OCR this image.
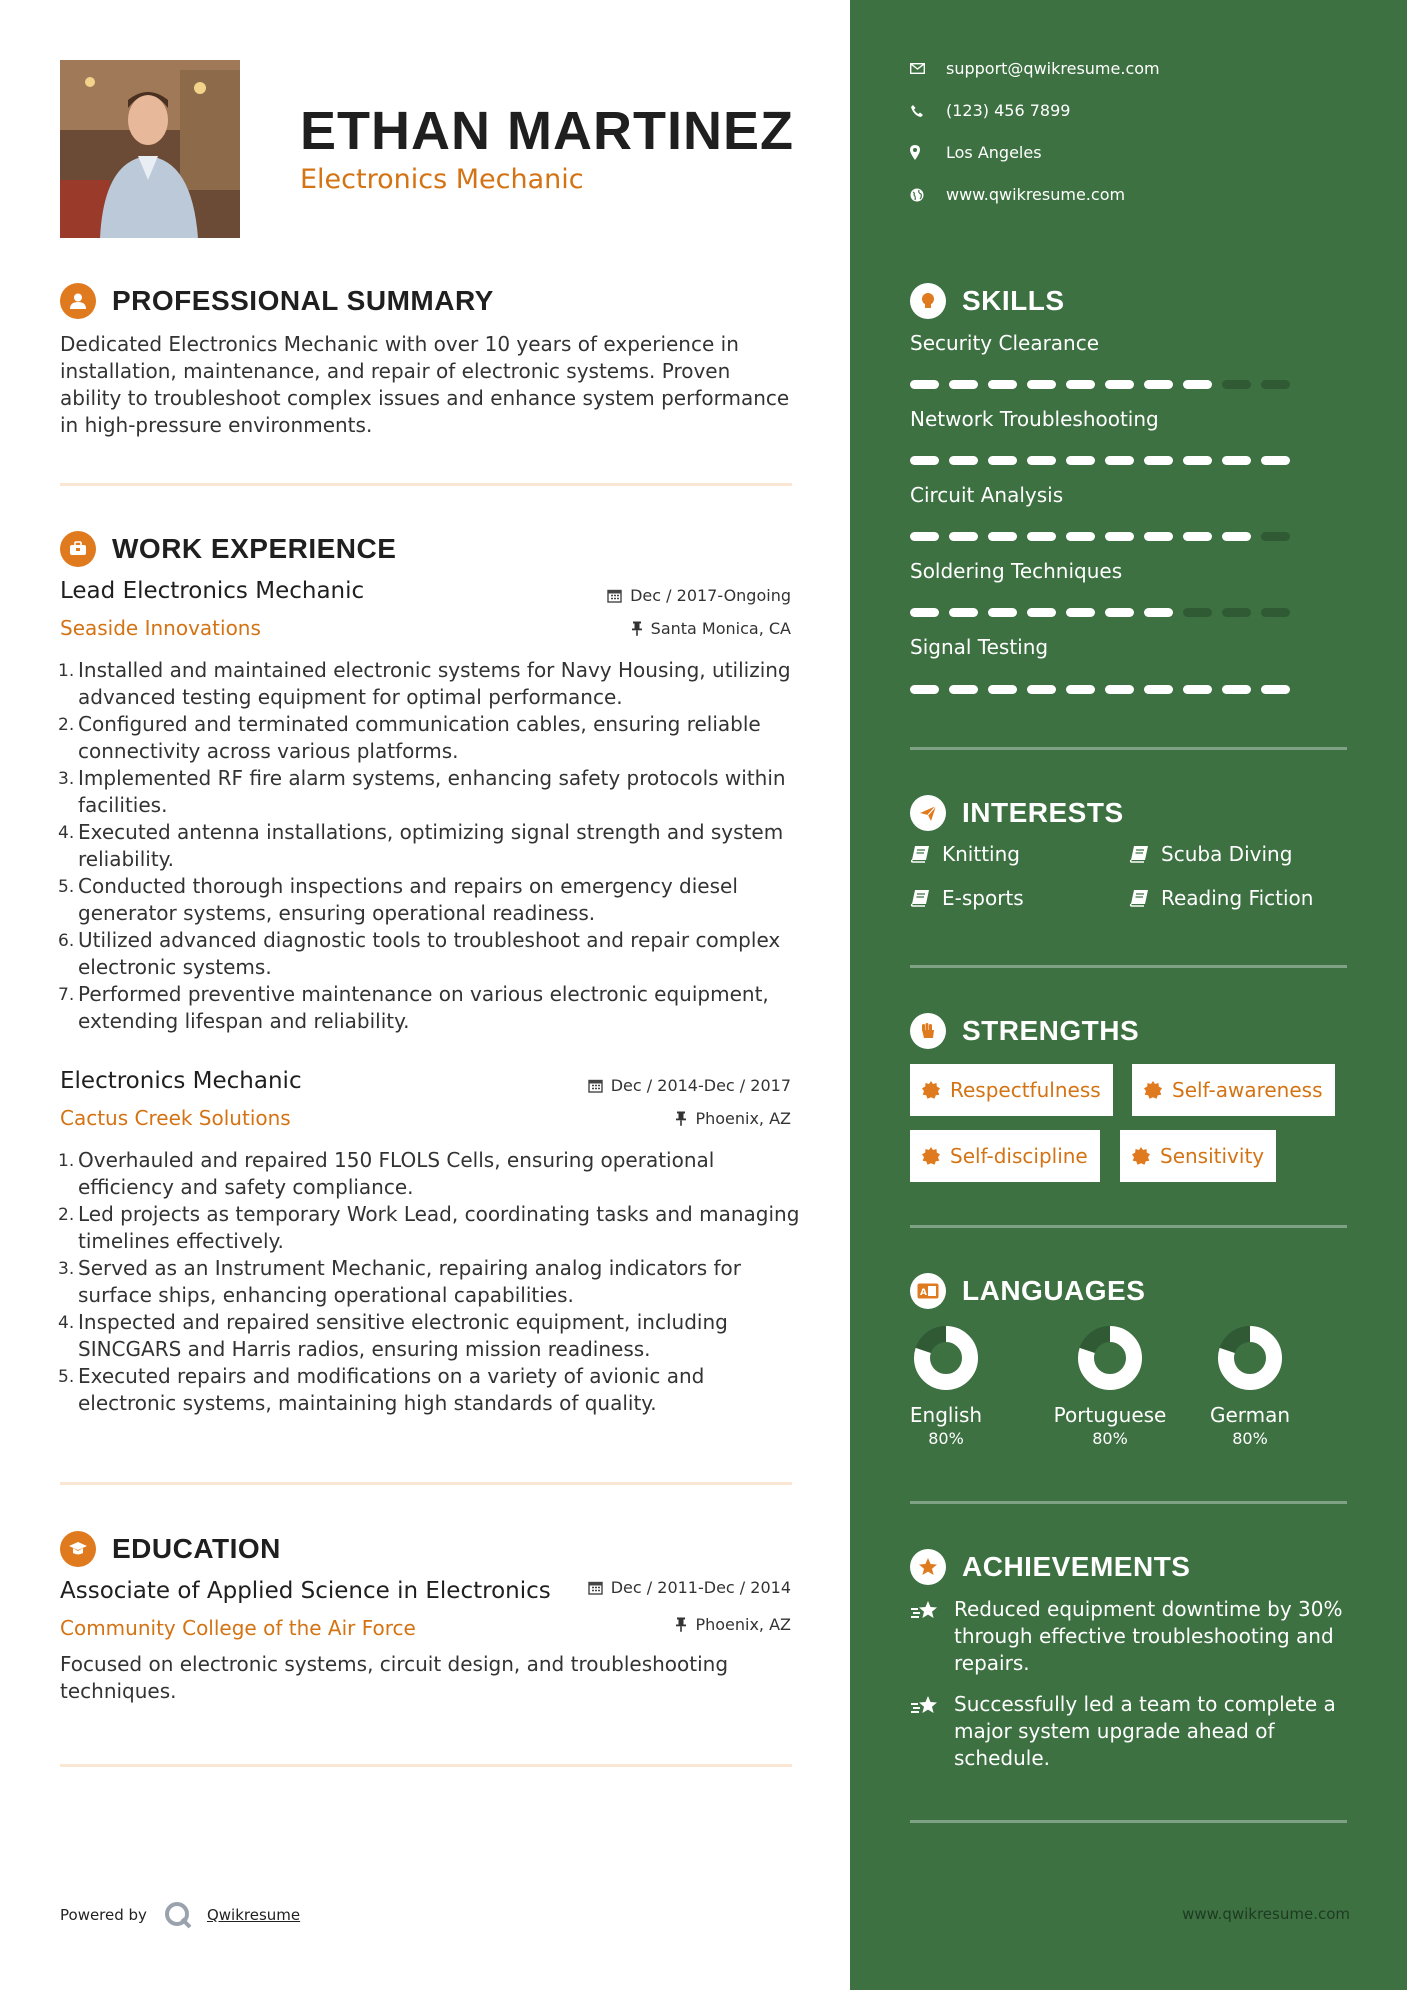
ETHAN MARTINEZ
Electronics Mechanic
PROFESSIONAL SUMMARY
Dedicated Electronics Mechanic with over 10 years of experience in installation, maintenance, and repair of electronic systems. Proven ability to troubleshoot complex issues and enhance system performance in high-pressure environments.
WORK EXPERIENCE
Lead Electronics Mechanic	Dec / 2017-Ongoing
Seaside Innovations	Santa Monica, CA
Installed and maintained electronic systems for Navy Housing, utilizing advanced testing equipment for optimal performance.
Configured and terminated communication cables, ensuring reliable connectivity across various platforms.
Implemented RF fire alarm systems, enhancing safety protocols within facilities.
Executed antenna installations, optimizing signal strength and system reliability.
Conducted thorough inspections and repairs on emergency diesel generator systems, ensuring operational readiness.
Utilized advanced diagnostic tools to troubleshoot and repair complex electronic systems.
Performed preventive maintenance on various electronic equipment, extending lifespan and reliability.
Electronics Mechanic	Dec / 2014-Dec / 2017
Cactus Creek Solutions	Phoenix, AZ
Overhauled and repaired 150 FLOLS Cells, ensuring operational efficiency and safety compliance.
Led projects as temporary Work Lead, coordinating tasks and managing timelines effectively.
Served as an Instrument Mechanic, repairing analog indicators for surface ships, enhancing operational capabilities.
Inspected and repaired sensitive electronic equipment, including SINCGARS and Harris radios, ensuring mission readiness.
Executed repairs and modifications on a variety of avionic and electronic systems, maintaining high standards of quality.
EDUCATION
Associate of Applied Science in Electronics	Dec / 2011-Dec / 2014
Community College of the Air Force	Phoenix, AZ
Focused on electronic systems, circuit design, and troubleshooting techniques.
Powered by	Qwikresume
support@qwikresume.com
(123) 456 7899
Los Angeles
www.qwikresume.com
SKILLS
Security Clearance
Network Troubleshooting
Circuit Analysis
Soldering Techniques
Signal Testing
INTERESTS
Knitting	Scuba Diving
E-sports	Reading Fiction
STRENGTHS
Respectfulness	Self-awareness
Self-discipline	Sensitivity
A LANGUAGES
English
80%
Portuguese
80%
German
80%
ACHIEVEMENTS
Reduced equipment downtime by 30% through effective troubleshooting and repairs.
Successfully led a team to complete a major system upgrade ahead of schedule.
www.qwikresume.com
